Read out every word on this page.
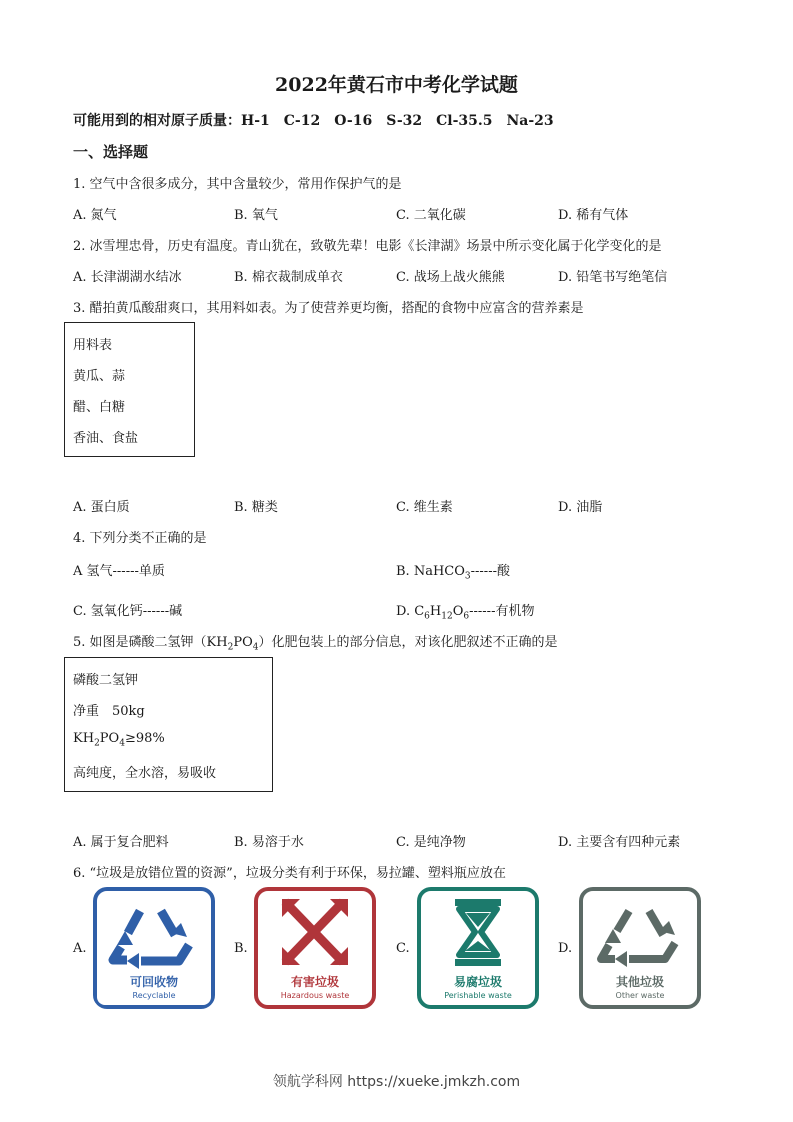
2022年黄石市中考化学试题
可能用到的相对原子质量：H-1　C-12　O-16　S-32　Cl-35.5　Na-23
一、选择题
1. 空气中含很多成分，其中含量较少，常用作保护气的是
A. 氮气	B. 氧气	C. 二氧化碳	D. 稀有气体
2. 冰雪埋忠骨，历史有温度。青山犹在，致敬先辈！电影《长津湖》场景中所示变化属于化学变化的是
A. 长津湖湖水结冰	B. 棉衣裁制成单衣	C. 战场上战火熊熊	D. 铅笔书写绝笔信
3. 醋拍黄瓜酸甜爽口，其用料如表。为了使营养更均衡，搭配的食物中应富含的营养素是
用料表
黄瓜、蒜
醋、白糖
香油、食盐
A. 蛋白质	B. 糖类	C. 维生素	D. 油脂
4. 下列分类不正确的是
A 氢气------单质	B. NaHCO$_3$------酸
C. 氢氧化钙------碱	D. $C_6H_{12}O_6------$有机物
5. 如图是磷酸二氢钾$(KH_2PO_4)$化肥包装上的部分信息，对该化肥叙述不正确的是
磷酸二氢钾
净重　50kg
$KH_2PO_4\ge 98\%$
高纯度，全水溶，易吸收
A. 属于复合肥料	B. 易溶于水	C. 是纯净物	D. 主要含有四种元素
6. “垃圾是放错位置的资源”，垃圾分类有利于环保，易拉罐、塑料瓶应放在
A.	B.	C.	D.
可回收物
Recyclable
有害垃圾
Hazardous waste
易腐垃圾
Perishable waste
其他垃圾
Other waste
领航学科网 https://xueke.jmkzh.com
